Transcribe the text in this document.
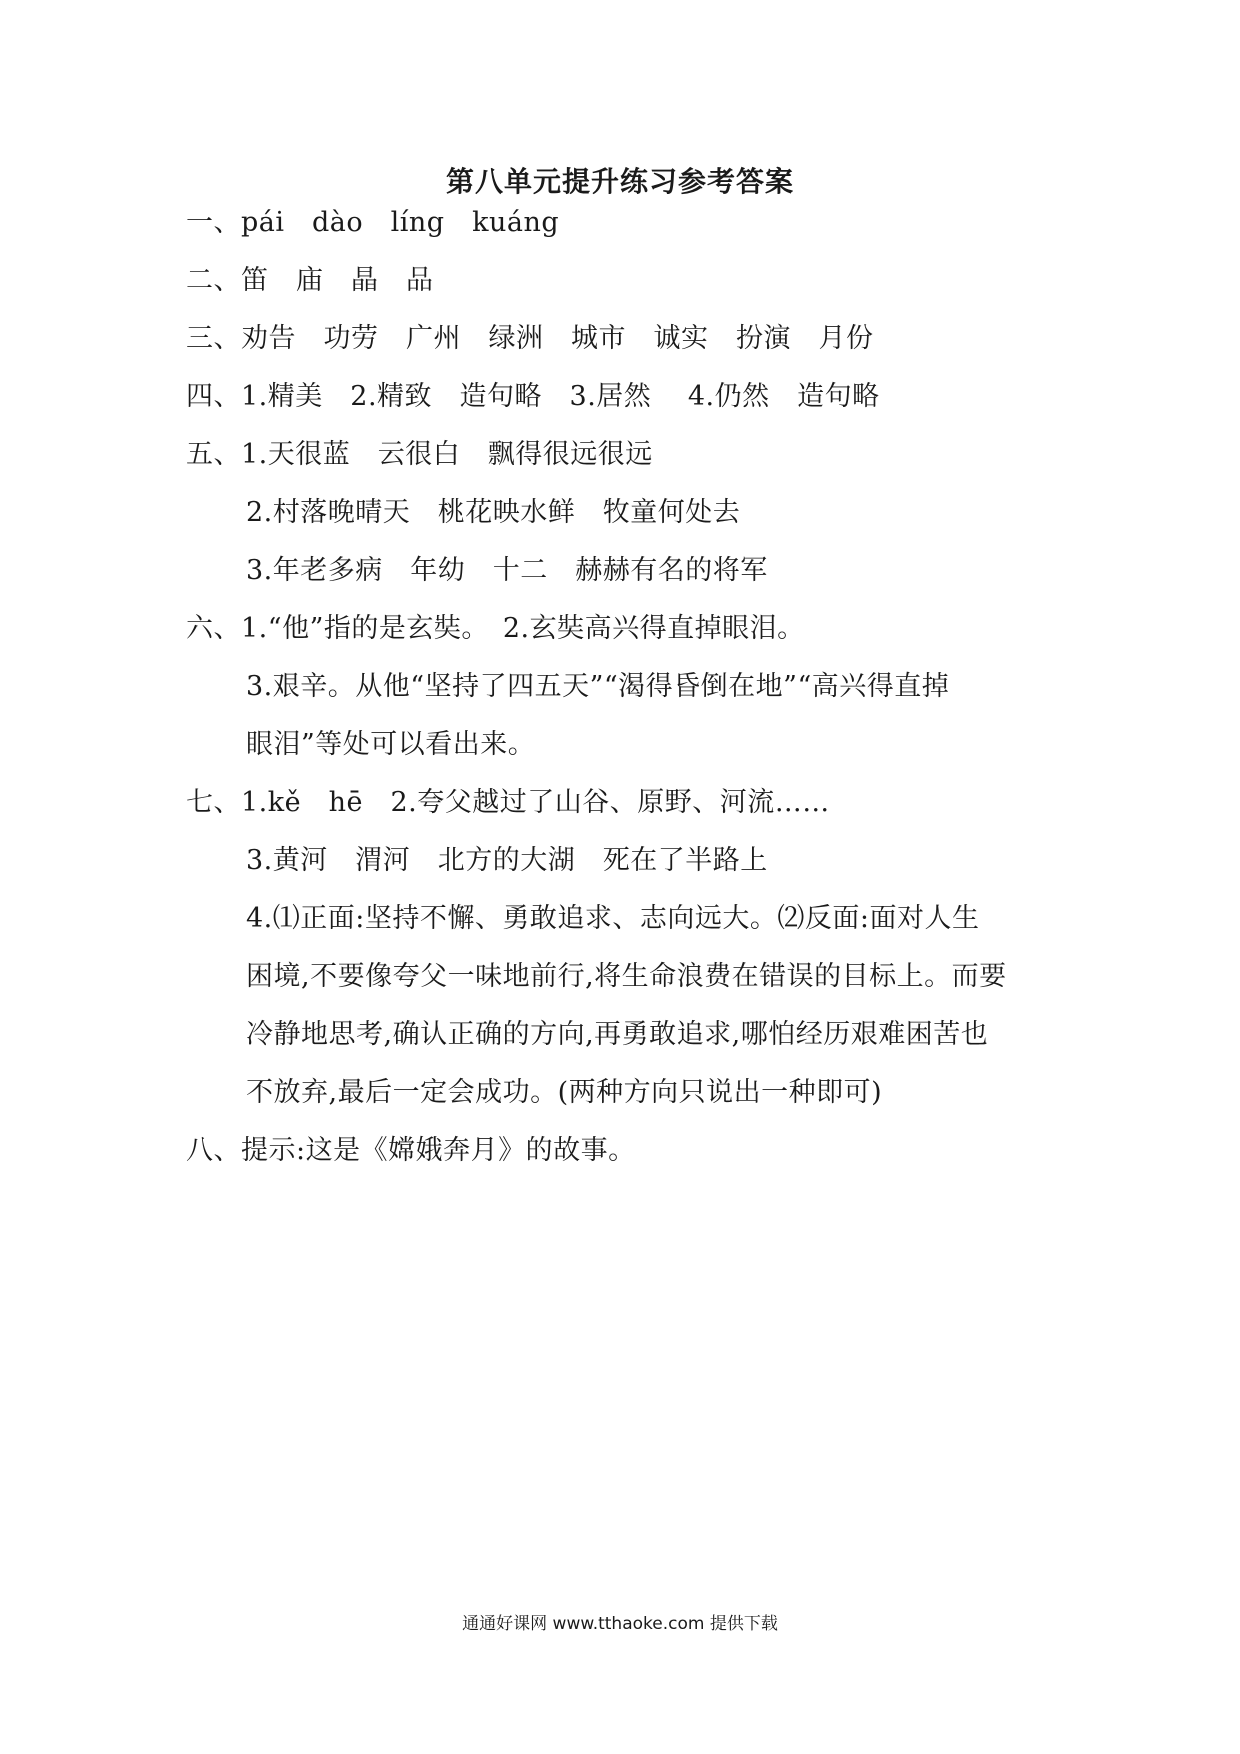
第八单元提升练习参考答案
一、pái　dào　líng　kuáng
二、笛　庙　晶　品
三、劝告　功劳　广州　绿洲　城市　诚实　扮演　月份
四、1.精美　2.精致　造句略　3.居然　 4.仍然　造句略
五、1.天很蓝　云很白　飘得很远很远
2.村落晚晴天　桃花映水鲜　牧童何处去
3.年老多病　年幼　十二　赫赫有名的将军
六、1.“他”指的是玄奘。　2.玄奘高兴得直掉眼泪。
3.艰辛。从他“坚持了四五天”“渴得昏倒在地”“高兴得直掉
眼泪”等处可以看出来。
七、1.kě　hē　2.夸父越过了山谷、原野、河流……
3.黄河　渭河　北方的大湖　死在了半路上
4.⑴正面:坚持不懈、勇敢追求、志向远大。⑵反面:面对人生
困境,不要像夸父一味地前行,将生命浪费在错误的目标上。而要
冷静地思考,确认正确的方向,再勇敢追求,哪怕经历艰难困苦也
不放弃,最后一定会成功。(两种方向只说出一种即可)
八、提示:这是《嫦娥奔月》的故事。
通通好课网 www.tthaoke.com 提供下载
